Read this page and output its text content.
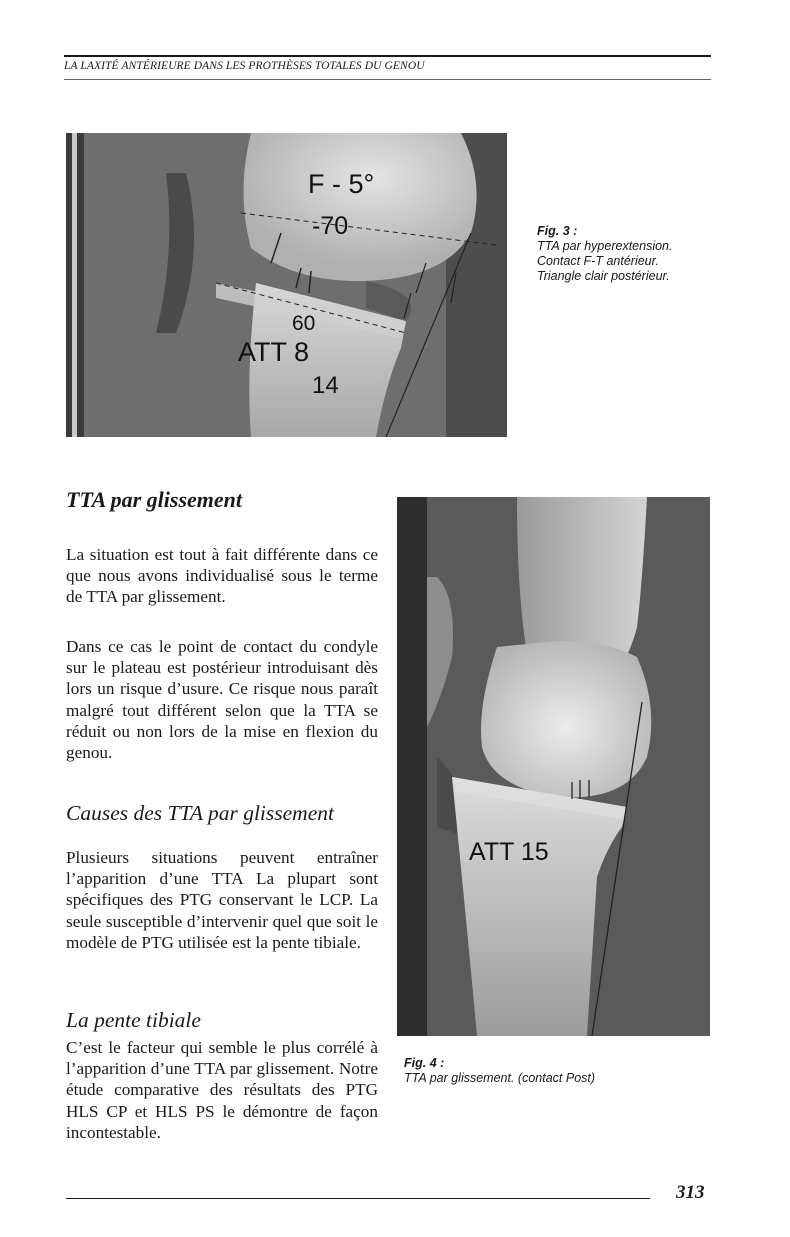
LA LAXITÉ ANTÉRIEURE DANS LES PROTHÈSES TOTALES DU GENOU
F - 5°
-70
60
ATT 8
14
Fig. 3 :
TTA par hyperextension.
Contact F-T antérieur.
Triangle clair postérieur.
TTA par glissement

La situation est tout à fait différente dans ce que nous avons individualisé sous le terme de TTA par glissement.

Dans ce cas le point de contact du condyle sur le plateau est postérieur introduisant dès lors un risque d’usure. Ce risque nous paraît malgré tout différent selon que la TTA se réduit ou non lors de la mise en flexion du genou.

Causes des TTA par glissement

Plusieurs situations peuvent entraîner l’apparition d’une TTA La plupart sont spécifiques des PTG conservant le LCP. La seule susceptible d’intervenir quel que soit le modèle de PTG utilisée est la pente tibiale.

La pente tibiale

C’est le facteur qui semble le plus corrélé à l’apparition d’une TTA par glissement. Notre étude comparative des résultats des PTG HLS CP et HLS PS le démontre de façon incontestable.

ATT 15
Fig. 4 :
TTA par glissement. (contact Post)
313
